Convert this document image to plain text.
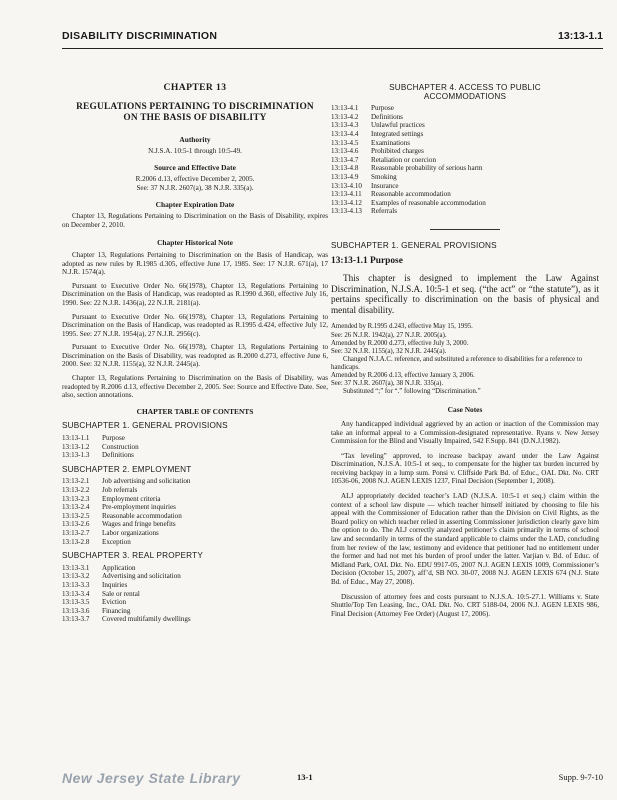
DISABILITY DISCRIMINATION	13:13-1.1
CHAPTER 13
REGULATIONS PERTAINING TO DISCRIMINATION
ON THE BASIS OF DISABILITY
Authority
N.J.S.A. 10:5-1 through 10:5-49.
Source and Effective Date
R.2006 d.13, effective December 2, 2005.
See: 37 N.J.R. 2607(a), 38 N.J.R. 335(a).
Chapter Expiration Date
Chapter 13, Regulations Pertaining to Discrimination on the Basis of Disability, expires on December 2, 2010.
Chapter Historical Note
Chapter 13, Regulations Pertaining to Discrimination on the Basis of Handicap, was adopted as new rules by R.1985 d.305, effective June 17, 1985. See: 17 N.J.R. 671(a), 17 N.J.R. 1574(a).
Pursuant to Executive Order No. 66(1978), Chapter 13, Regulations Pertaining to Discrimination on the Basis of Handicap, was readopted as R.1990 d.360, effective July 16, 1990. See: 22 N.J.R. 1436(a), 22 N.J.R. 2181(a).
Pursuant to Executive Order No. 66(1978), Chapter 13, Regulations Pertaining to Discrimination on the Basis of Handicap, was readopted as R.1995 d.424, effective July 12, 1995. See: 27 N.J.R. 1954(a), 27 N.J.R. 2956(c).
Pursuant to Executive Order No. 66(1978), Chapter 13, Regulations Pertaining to Discrimination on the Basis of Disability, was readopted as R.2000 d.273, effective June 6, 2000. See: 32 N.J.R. 1155(a), 32 N.J.R. 2445(a).
Chapter 13, Regulations Pertaining to Discrimination on the Basis of Disability, was readopted by R.2006 d.13, effective December 2, 2005. See: Source and Effective Date. See, also, section annotations.
CHAPTER TABLE OF CONTENTS
SUBCHAPTER 1. GENERAL PROVISIONS
13:13-1.1	Purpose
13:13-1.2	Construction
13:13-1.3	Definitions
SUBCHAPTER 2. EMPLOYMENT
13:13-2.1	Job advertising and solicitation
13:13-2.2	Job referrals
13:13-2.3	Employment criteria
13:13-2.4	Pre-employment inquiries
13:13-2.5	Reasonable accommodation
13:13-2.6	Wages and fringe benefits
13:13-2.7	Labor organizations
13:13-2.8	Exception
SUBCHAPTER 3. REAL PROPERTY
13:13-3.1	Application
13:13-3.2	Advertising and solicitation
13:13-3.3	Inquiries
13:13-3.4	Sale or rental
13:13-3.5	Eviction
13:13-3.6	Financing
13:13-3.7	Covered multifamily dwellings
SUBCHAPTER 4. ACCESS TO PUBLIC
ACCOMMODATIONS
13:13-4.1	Purpose
13:13-4.2	Definitions
13:13-4.3	Unlawful practices
13:13-4.4	Integrated settings
13:13-4.5	Examinations
13:13-4.6	Prohibited charges
13:13-4.7	Retaliation or coercion
13:13-4.8	Reasonable probability of serious harm
13:13-4.9	Smoking
13:13-4.10	Insurance
13:13-4.11	Reasonable accommodation
13:13-4.12	Examples of reasonable accommodation
13:13-4.13	Referrals
SUBCHAPTER 1. GENERAL PROVISIONS
13:13-1.1 Purpose
This chapter is designed to implement the Law Against Discrimination, N.J.S.A. 10:5-1 et seq. (“the act” or “the statute”), as it pertains specifically to discrimination on the basis of physical and mental disability.
Amended by R.1995 d.243, effective May 15, 1995.
See: 26 N.J.R. 1942(a), 27 N.J.R. 2005(a).
Amended by R.2000 d.273, effective July 3, 2000.
See: 32 N.J.R. 1155(a), 32 N.J.R. 2445(a).
Changed N.J.A.C. reference, and substituted a reference to disabilities for a reference to handicaps.
Amended by R.2006 d.13, effective January 3, 2006.
See: 37 N.J.R. 2607(a), 38 N.J.R. 335(a).
Substituted “;” for “.” following “Discrimination.”
Case Notes
Any handicapped individual aggrieved by an action or inaction of the Commission may take an informal appeal to a Commission-designated representative. Ryans v. New Jersey Commission for the Blind and Visually Impaired, 542 F.Supp. 841 (D.N.J.1982).
“Tax leveling” approved, to increase backpay award under the Law Against Discrimination, N.J.S.A. 10:5-1 et seq., to compensate for the higher tax burden incurred by receiving backpay in a lump sum. Ponsi v. Cliffside Park Bd. of Educ., OAL Dkt. No. CRT 10536-06, 2008 N.J. AGEN LEXIS 1237, Final Decision (September 1, 2008).
ALJ appropriately decided teacher’s LAD (N.J.S.A. 10:5-1 et seq.) claim within the context of a school law dispute — which teacher himself initiated by choosing to file his appeal with the Commissioner of Education rather than the Division on Civil Rights, as the Board policy on which teacher relied in asserting Commissioner jurisdiction clearly gave him the option to do. The ALJ correctly analyzed petitioner’s claim primarily in terms of school law and secondarily in terms of the standard applicable to claims under the LAD, concluding from her review of the law, testimony and evidence that petitioner had no entitlement under the former and had not met his burden of proof under the latter. Varjian v. Bd. of Educ. of Midland Park, OAL Dkt. No. EDU 9917-05, 2007 N.J. AGEN LEXIS 1009, Commissioner’s Decision (October 15, 2007), aff’d, SB NO. 30-07, 2008 N.J. AGEN LEXIS 674 (N.J. State Bd. of Educ., May 27, 2008).
Discussion of attorney fees and costs pursuant to N.J.S.A. 10:5-27.1. Williams v. State Shuttle/Top Ten Leasing, Inc., OAL Dkt. No. CRT 5188-04, 2006 N.J. AGEN LEXIS 986, Final Decision (Attorney Fee Order) (August 17, 2006).
New Jersey State Library	13-1	Supp. 9-7-10
